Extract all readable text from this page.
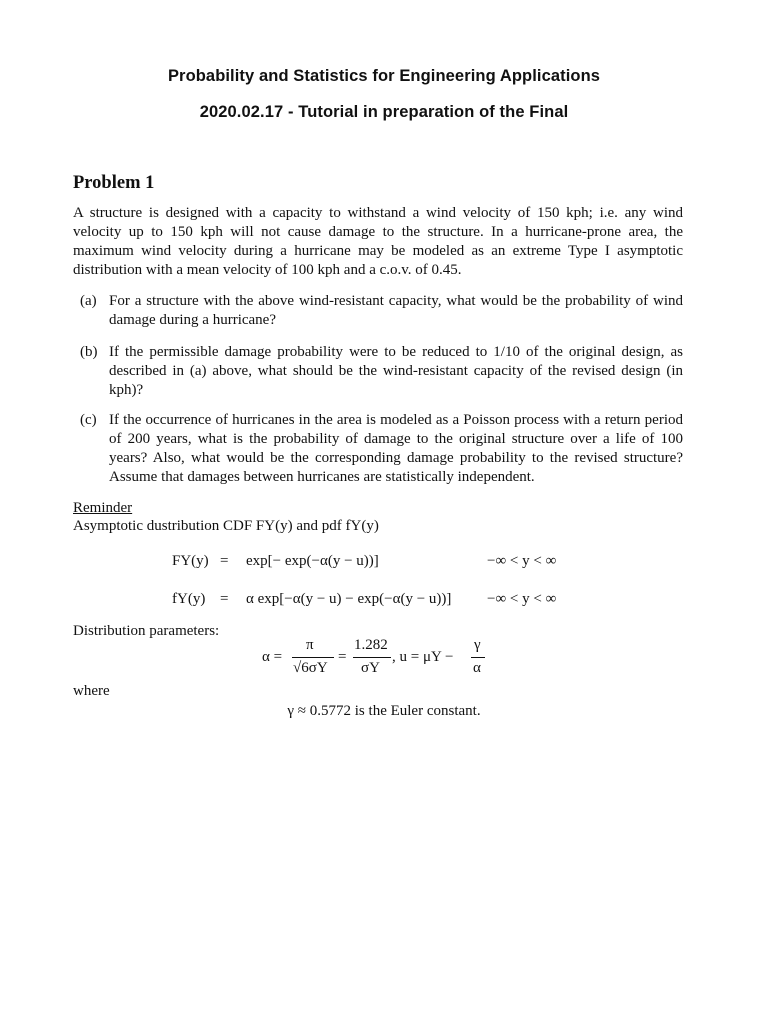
Probability and Statistics for Engineering Applications
2020.02.17 - Tutorial in preparation of the Final
Problem 1
A structure is designed with a capacity to withstand a wind velocity of 150 kph; i.e. any wind velocity up to 150 kph will not cause damage to the structure. In a hurricane-prone area, the maximum wind velocity during a hurricane may be modeled as an extreme Type I asymptotic distribution with a mean velocity of 100 kph and a c.o.v. of 0.45.
(a) For a structure with the above wind-resistant capacity, what would be the probability of wind damage during a hurricane?
(b) If the permissible damage probability were to be reduced to 1/10 of the original design, as described in (a) above, what should be the wind-resistant capacity of the revised design (in kph)?
(c) If the occurrence of hurricanes in the area is modeled as a Poisson process with a return period of 200 years, what is the probability of damage to the original structure over a life of 100 years? Also, what would be the corresponding damage probability to the revised structure? Assume that damages between hurricanes are statistically independent.
Reminder
Asymptotic dustribution CDF FY(y) and pdf fY(y)
FY(y) = exp[− exp(−α(y − u))]	−∞ < y < ∞
fY(y) = α exp[−α(y − u) − exp(−α(y − u))] −∞ < y < ∞
Distribution parameters:
α =
π
√6σY
=
1.282
σY
, u = μY −
γ
α
where
γ ≈ 0.5772 is the Euler constant.
